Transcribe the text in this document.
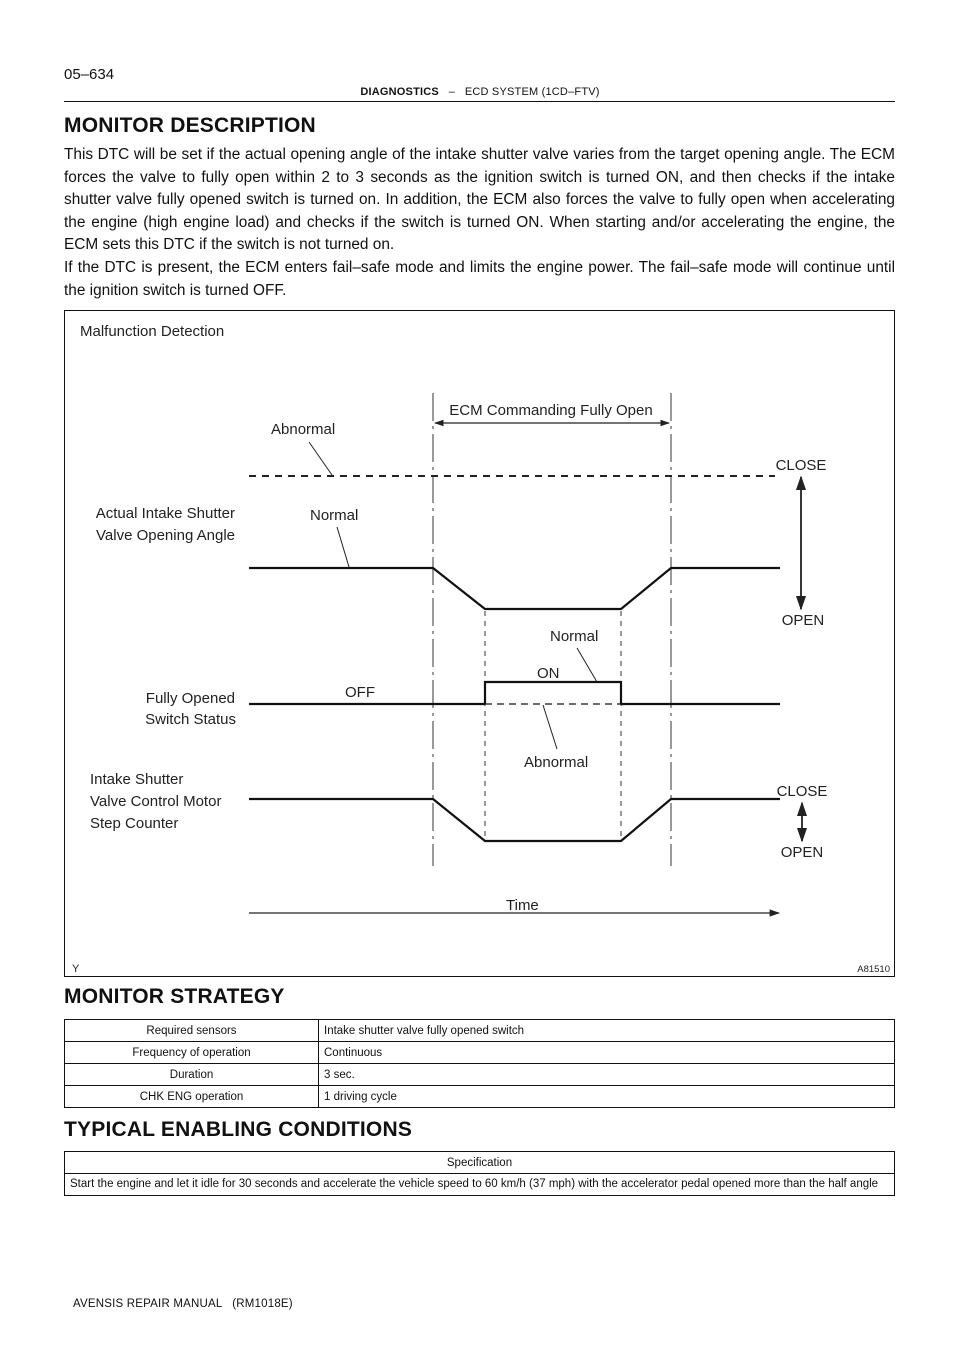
05–634
DIAGNOSTICS – ECD SYSTEM (1CD–FTV)
MONITOR DESCRIPTION

This DTC will be set if the actual opening angle of the intake shutter valve varies from the target opening angle. The ECM forces the valve to fully open within 2 to 3 seconds as the ignition switch is turned ON, and then checks if the intake shutter valve fully opened switch is turned on. In addition, the ECM also forces the valve to fully open when accelerating the engine (high engine load) and checks if the switch is turned ON. When starting and/or accelerating the engine, the ECM sets this DTC if the switch is not turned on.

If the DTC is present, the ECM enters fail–safe mode and limits the engine power. The fail–safe mode will continue until the ignition switch is turned OFF.

Malfunction Detection
ECM Commanding Fully Open
Abnormal
CLOSE
OPEN
Normal
Actual Intake Shutter
Valve Opening Angle
Normal
ON
OFF
Abnormal
Fully Opened
Switch Status
Intake Shutter
Valve Control Motor
Step Counter
CLOSE
OPEN
Time
Y	A81510
MONITOR STRATEGY
Required sensors	Intake shutter valve fully opened switch
Frequency of operation	Continuous
Duration	3 sec.
CHK ENG operation	1 driving cycle
TYPICAL ENABLING CONDITIONS
Specification
Start the engine and let it idle for 30 seconds and accelerate the vehicle speed to 60 km/h (37 mph) with the accelerator pedal opened more than the half angle
AVENSIS REPAIR MANUAL   (RM1018E)
